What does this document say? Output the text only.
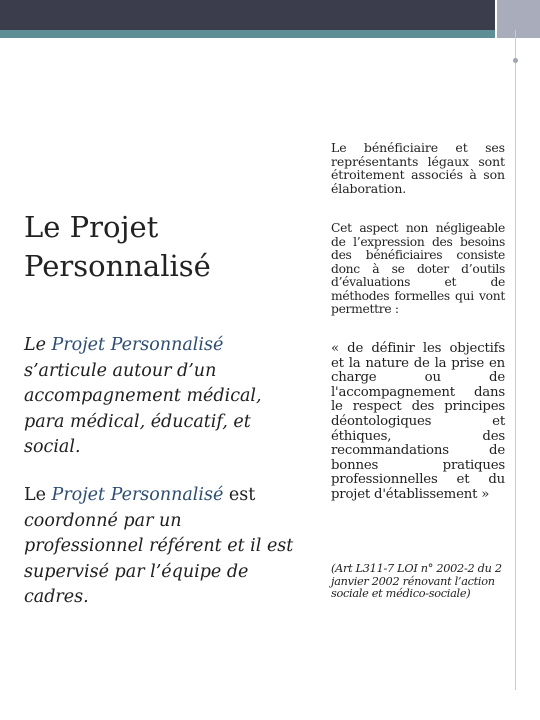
Le Projet
Personnalisé

Le Projet Personnalisé s’articule autour d’un accompagnement médical, para médical, éducatif, et social.

Le Projet Personnalisé est coordonné par un professionnel référent et il est supervisé par l’équipe de cadres.

Le bénéficiaire et ses représentants légaux sont étroitement associés à son élaboration.

Cet aspect non négligeable de l’expression des besoins des bénéficiaires consiste donc à se doter d’outils d’évaluations et de méthodes formelles qui vont permettre :

« de définir les objectifs et la nature de la prise en charge ou de l'accompagnement dans le respect des principes déontologiques et éthiques, des recommandations de bonnes pratiques professionnelles et du projet d'établissement »

(Art L311-7 LOI n° 2002-2 du 2 janvier 2002 rénovant l’action sociale et médico-sociale)
